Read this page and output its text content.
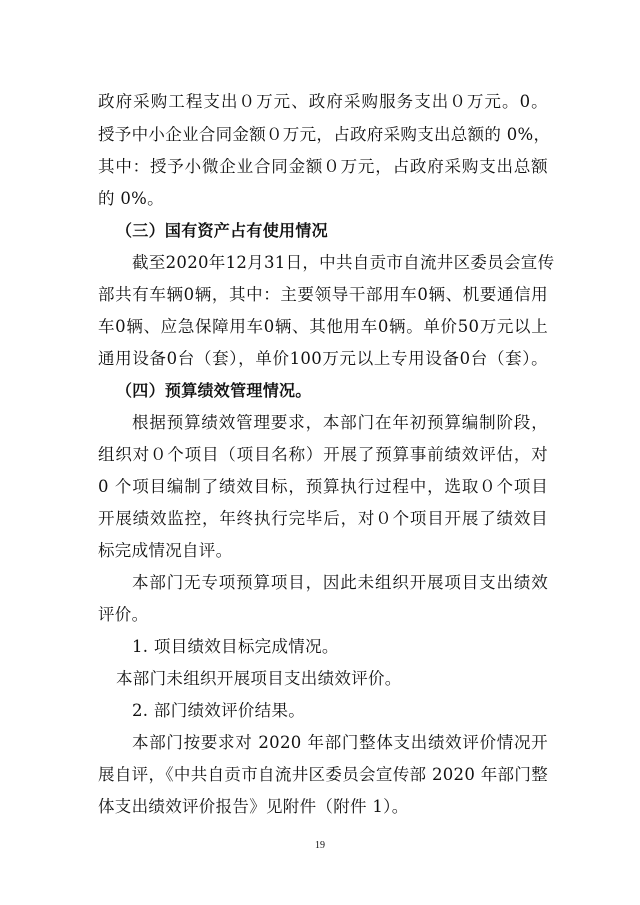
政府采购工程支出０万元、政府采购服务支出０万元。0。
授予中小企业合同金额０万元，占政府采购支出总额的 0%，
其中：授予小微企业合同金额０万元，占政府采购支出总额
的 0%。
（三）国有资产占有使用情况
截至2020年12月31日，中共自贡市自流井区委员会宣传
部共有车辆0辆，其中：主要领导干部用车0辆、机要通信用
车0辆、应急保障用车0辆、其他用车0辆。单价50万元以上
通用设备0台（套），单价100万元以上专用设备0台（套）。
（四）预算绩效管理情况。
根据预算绩效管理要求，本部门在年初预算编制阶段，
组织对０个项目（项目名称）开展了预算事前绩效评估，对
0 个项目编制了绩效目标，预算执行过程中，选取０个项目
开展绩效监控，年终执行完毕后，对０个项目开展了绩效目
标完成情况自评。
本部门无专项预算项目，因此未组织开展项目支出绩效
评价。
1. 项目绩效目标完成情况。
本部门未组织开展项目支出绩效评价。
2. 部门绩效评价结果。
本部门按要求对 2020 年部门整体支出绩效评价情况开
展自评，《中共自贡市自流井区委员会宣传部 2020 年部门整
体支出绩效评价报告》见附件（附件 1）。
19
